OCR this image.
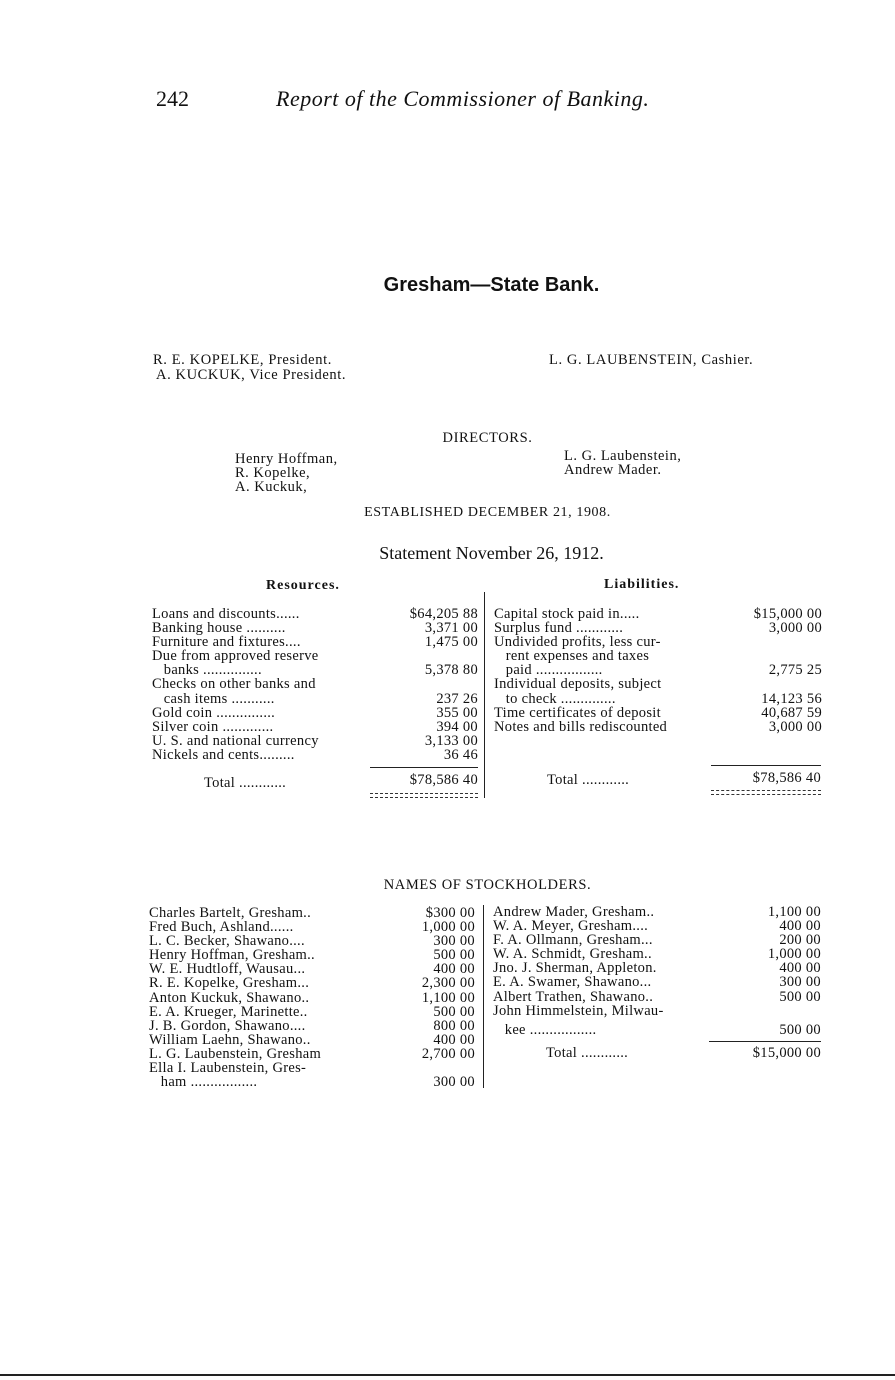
242	Report of the Commissioner of Banking.
Gresham—State Bank.
R. E. KOPELKE, President.
A. KUCKUK, Vice President.
L. G. LAUBENSTEIN, Cashier.
DIRECTORS.
Henry Hoffman,
R. Kopelke,
A. Kuckuk,
L. G. Laubenstein,
Andrew Mader.
ESTABLISHED DECEMBER 21, 1908.
Statement November 26, 1912.
Resources.	Liabilities.
Loans and discounts......	$64,205 88
Banking house ..........	3,371 00
Furniture and fixtures....	1,475 00
Due from approved reserve
banks ...............	5,378 80
Checks on other banks and
cash items ...........	237 26
Gold coin ...............	355 00
Silver coin .............	394 00
U. S. and national currency	3,133 00
Nickels and cents.........	36 46
Capital stock paid in.....	$15,000 00
Surplus fund ............	3,000 00
Undivided profits, less cur-
rent expenses and taxes
paid .................	2,775 25
Individual deposits, subject
to check ..............	14,123 56
Time certificates of deposit	40,687 59
Notes and bills rediscounted	3,000 00
Total ............	$78,586 40	Total ............	$78,586 40
NAMES OF STOCKHOLDERS.
Charles Bartelt, Gresham..	$300 00
Fred Buch, Ashland......	1,000 00
L. C. Becker, Shawano....	300 00
Henry Hoffman, Gresham..	500 00
W. E. Hudtloff, Wausau...	400 00
R. E. Kopelke, Gresham...	2,300 00
Anton Kuckuk, Shawano..	1,100 00
E. A. Krueger, Marinette..	500 00
J. B. Gordon, Shawano....	800 00
William Laehn, Shawano..	400 00
L. G. Laubenstein, Gresham	2,700 00
Ella I. Laubenstein, Gres-
ham .................	300 00
Andrew Mader, Gresham..	1,100 00
W. A. Meyer, Gresham....	400 00
F. A. Ollmann, Gresham...	200 00
W. A. Schmidt, Gresham..	1,000 00
Jno. J. Sherman, Appleton.	400 00
E. A. Swamer, Shawano...	300 00
Albert Trathen, Shawano..	500 00
John Himmelstein, Milwau-
kee .................	500 00
Total ............	$15,000 00
